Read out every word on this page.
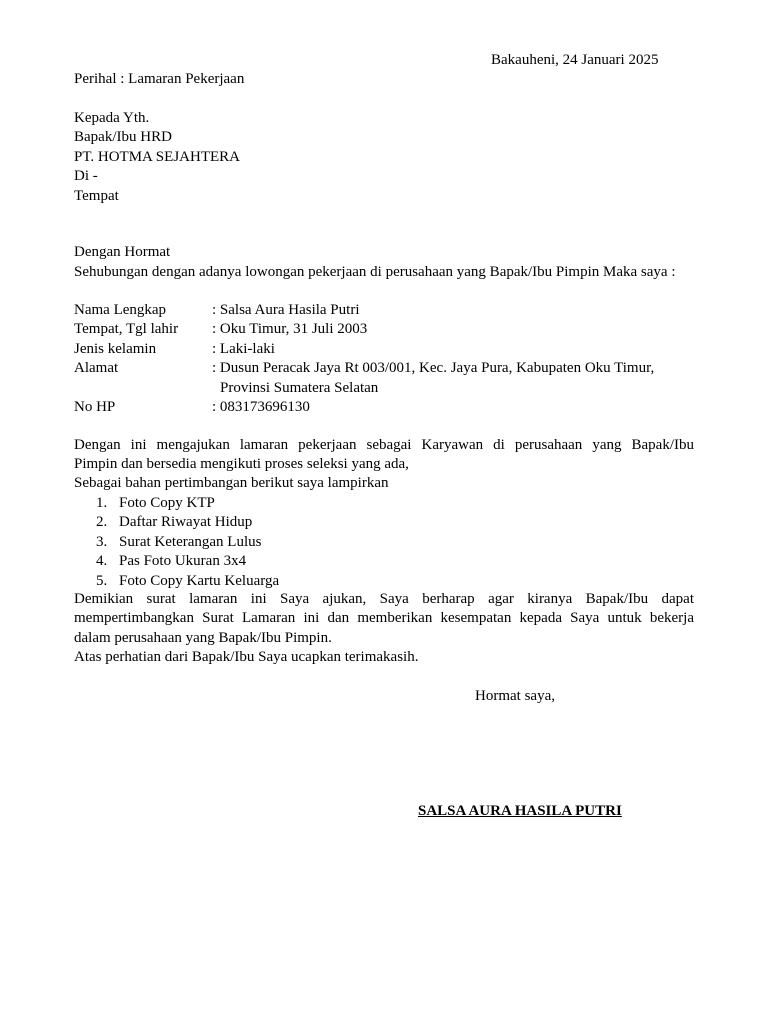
Bakauheni, 24 Januari 2025
Perihal : Lamaran Pekerjaan
Kepada Yth.
Bapak/Ibu HRD
PT. HOTMA SEJAHTERA
Di -
Tempat
Dengan Hormat
Sehubungan dengan adanya lowongan pekerjaan di perusahaan yang Bapak/Ibu Pimpin Maka saya :
Nama Lengkap	: Salsa Aura Hasila Putri
Tempat, Tgl lahir	: Oku Timur, 31 Juli 2003
Jenis kelamin	: Laki-laki
Alamat	: Dusun Peracak Jaya Rt 003/001, Kec. Jaya Pura, Kabupaten Oku Timur,
Provinsi Sumatera Selatan
No HP	: 083173696130
Dengan ini mengajukan lamaran pekerjaan sebagai Karyawan di perusahaan yang Bapak/Ibu
Pimpin dan bersedia mengikuti proses seleksi yang ada,
Sebagai bahan pertimbangan berikut saya lampirkan
1. Foto Copy KTP
2. Daftar Riwayat Hidup
3. Surat Keterangan Lulus
4. Pas Foto Ukuran 3x4
5. Foto Copy Kartu Keluarga
Demikian surat lamaran ini Saya ajukan, Saya berharap agar kiranya Bapak/Ibu dapat
mempertimbangkan Surat Lamaran ini dan memberikan kesempatan kepada Saya untuk bekerja
dalam perusahaan yang Bapak/Ibu Pimpin.
Atas perhatian dari Bapak/Ibu Saya ucapkan terimakasih.
Hormat saya,
SALSA AURA HASILA PUTRI
